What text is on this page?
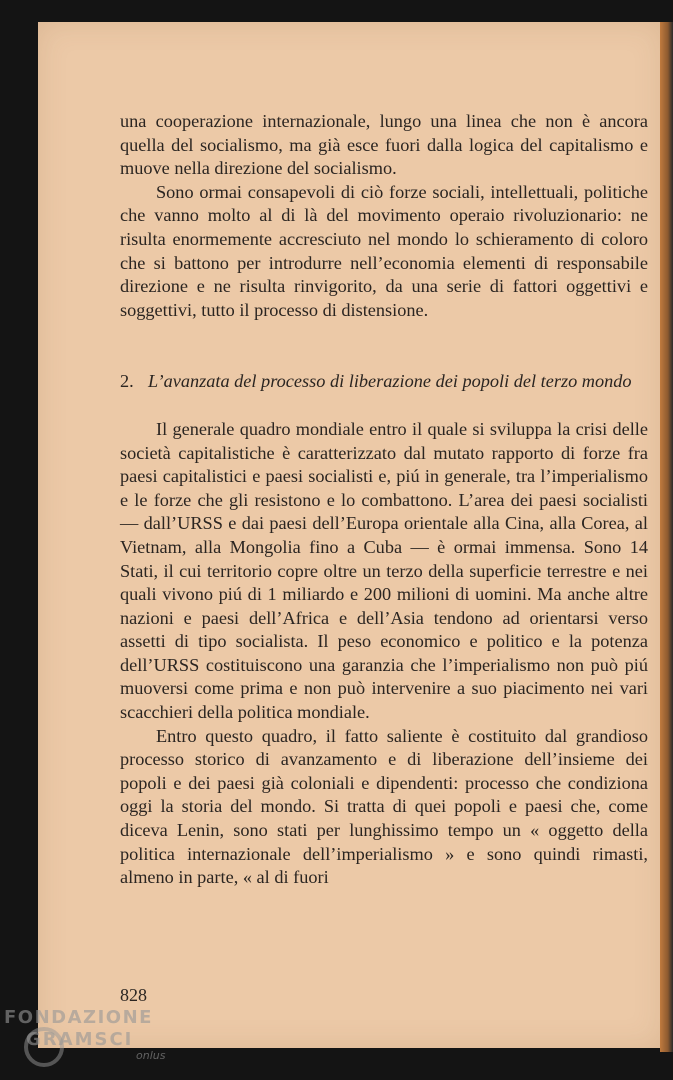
una cooperazione internazionale, lungo una linea che non è ancora quella del socialismo, ma già esce fuori dalla logica del capitalismo e muove nella direzione del socialismo.

Sono ormai consapevoli di ciò forze sociali, intellettuali, politiche che vanno molto al di là del movimento operaio rivoluzionario: ne risulta enormemente accresciuto nel mondo lo schieramento di coloro che si battono per introdurre nell’economia elementi di responsabile direzione e ne risulta rinvigorito, da una serie di fattori oggettivi e soggettivi, tutto il processo di distensione.

2. L’avanzata del processo di liberazione dei popoli del terzo mondo

Il generale quadro mondiale entro il quale si sviluppa la crisi delle società capitalistiche è caratterizzato dal mutato rapporto di forze fra paesi capitalistici e paesi socialisti e, piú in generale, tra l’imperialismo e le forze che gli resistono e lo combattono. L’area dei paesi socialisti — dall’URSS e dai paesi dell’Europa orientale alla Cina, alla Corea, al Vietnam, alla Mongolia fino a Cuba — è ormai immensa. Sono 14 Stati, il cui territorio copre oltre un terzo della superficie terrestre e nei quali vivono piú di 1 miliardo e 200 milioni di uomini. Ma anche altre nazioni e paesi dell’Africa e dell’Asia tendono ad orientarsi verso assetti di tipo socialista. Il peso economico e politico e la potenza dell’URSS costituiscono una garanzia che l’imperialismo non può piú muoversi come prima e non può intervenire a suo piacimento nei vari scacchieri della politica mondiale.

Entro questo quadro, il fatto saliente è costituito dal grandioso processo storico di avanzamento e di liberazione dell’insieme dei popoli e dei paesi già coloniali e dipendenti: processo che condiziona oggi la storia del mondo. Si tratta di quei popoli e paesi che, come diceva Lenin, sono stati per lunghissimo tempo un « oggetto della politica internazionale dell’imperialismo » e sono quindi rimasti, almeno in parte, « al di fuori

828
FONDAZIONE
GRAMSCI
onlus
